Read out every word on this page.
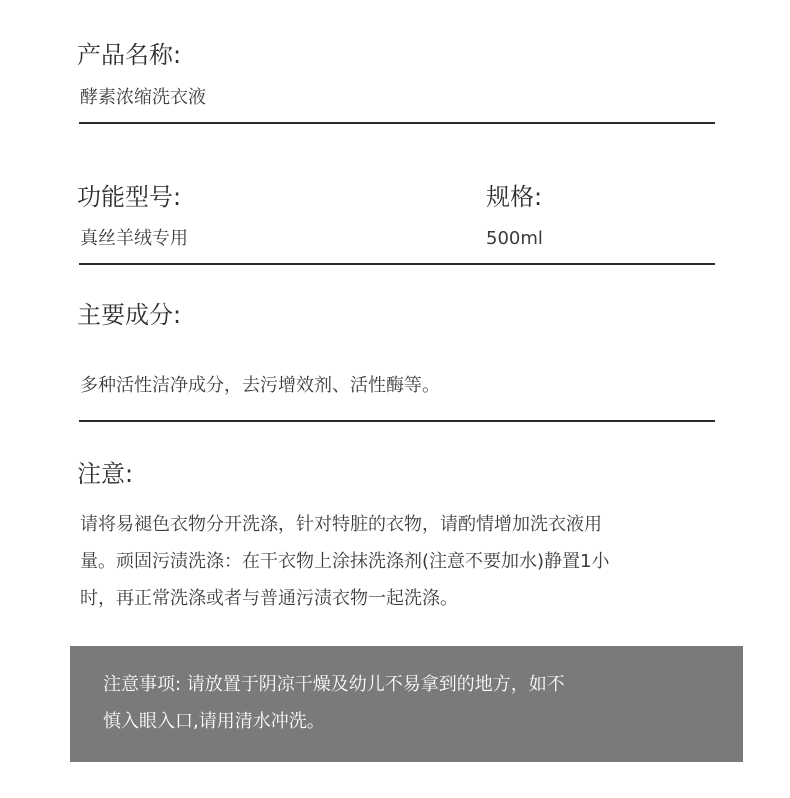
产品名称:
酵素浓缩洗衣液
功能型号:
真丝羊绒专用
规格:
500ml
主要成分:
多种活性洁净成分，去污增效剂、活性酶等。
注意:
请将易褪色衣物分开洗涤，针对特脏的衣物，请酌情增加洗衣液用
量。顽固污渍洗涤：在干衣物上涂抹洗涤剂(注意不要加水)静置1小
时，再正常洗涤或者与普通污渍衣物一起洗涤。
注意事项: 请放置于阴凉干燥及幼儿不易拿到的地方，如不
慎入眼入口,请用清水冲洗。
